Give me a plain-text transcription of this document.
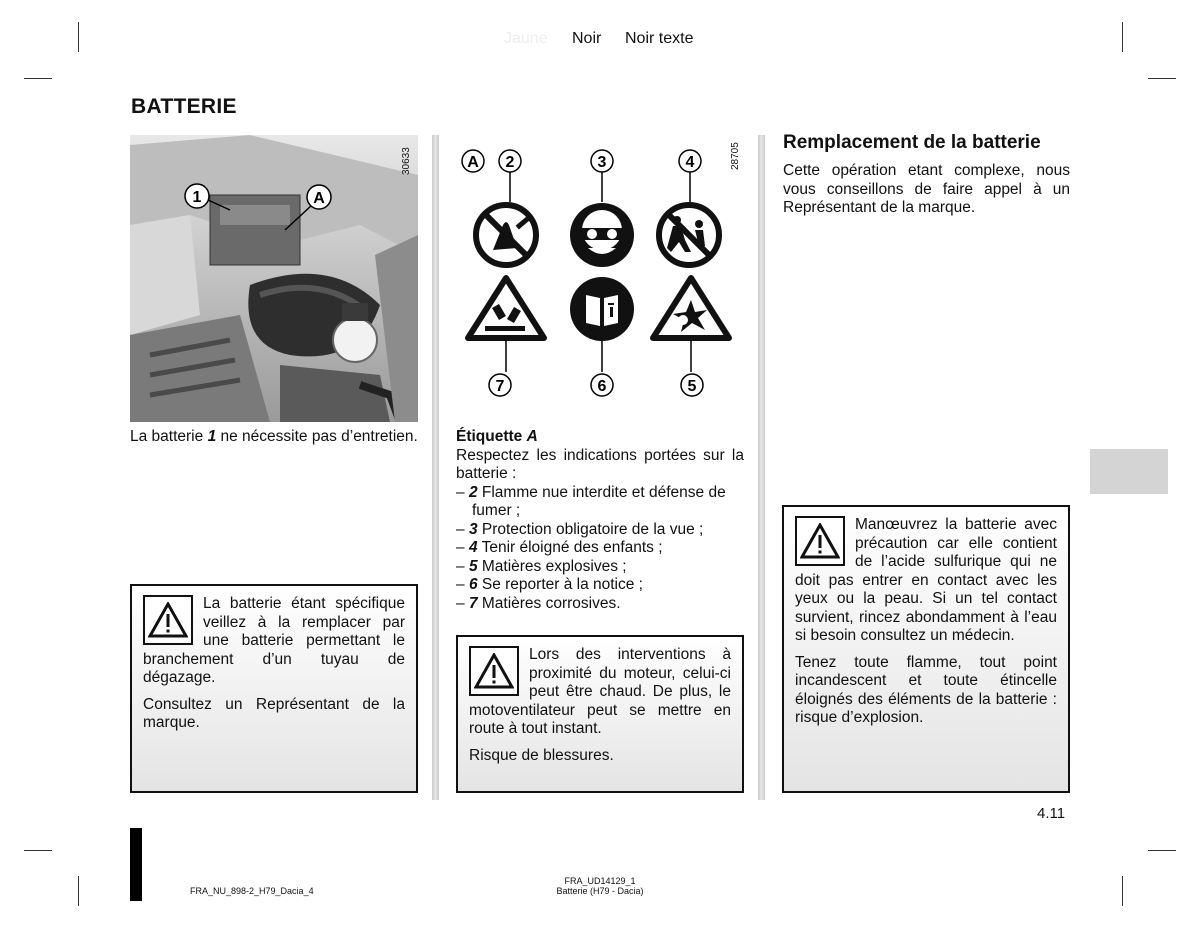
Jaune Noir Noir texte
BATTERIE
1	A
30633

La batterie 1 ne nécessite pas d’entretien.

La batterie étant spécifique veillez à la remplacer par une batterie permettant le branchement d’un tuyau de dégazage.

Consultez un Représentant de la marque.

A 2	3	4
7	6	5
28705

Étiquette A

Respectez les indications portées sur la batterie :

– 2 Flamme nue interdite et défense de fumer ;
– 3 Protection obligatoire de la vue ;
– 4 Tenir éloigné des enfants ;
– 5 Matières explosives ;
– 6 Se reporter à la notice ;
– 7 Matières corrosives.

Lors des interventions à proximité du moteur, celui-ci peut être chaud. De plus, le motoventilateur peut se mettre en route à tout instant.

Risque de blessures.

Remplacement de la batterie

Cette opération etant complexe, nous vous conseillons de faire appel à un Représentant de la marque.

Manœuvrez la batterie avec précaution car elle contient de l’acide sulfurique qui ne doit pas entrer en contact avec les yeux ou la peau. Si un tel contact survient, rincez abondamment à l’eau si besoin consultez un médecin.

Tenez toute flamme, tout point incandescent et toute étincelle éloignés des éléments de la batterie : risque d’explosion.

4.11
FRA_NU_898-2_H79_Dacia_4
FRA_UD14129_1
Batterie (H79 - Dacia)
